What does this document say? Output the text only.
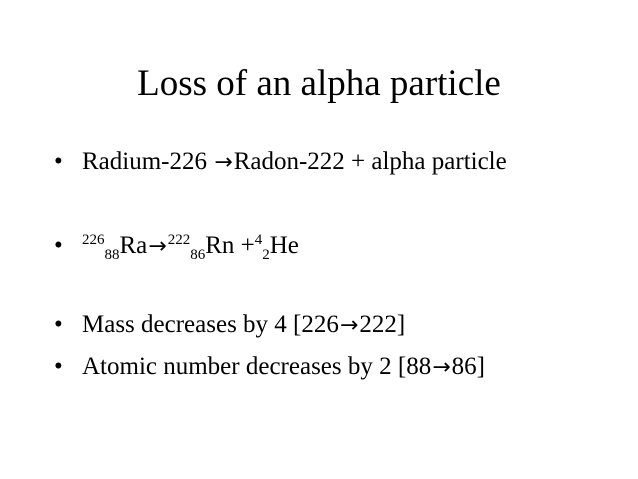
Loss of an alpha particle
• Radium-226 →Radon-222 + alpha particle
• $^{226}_{88}$Ra→$^{222}_{86}$Rn +$^4_2$He
• Mass decreases by 4 [226→222]
• Atomic number decreases by 2 [88→86]
